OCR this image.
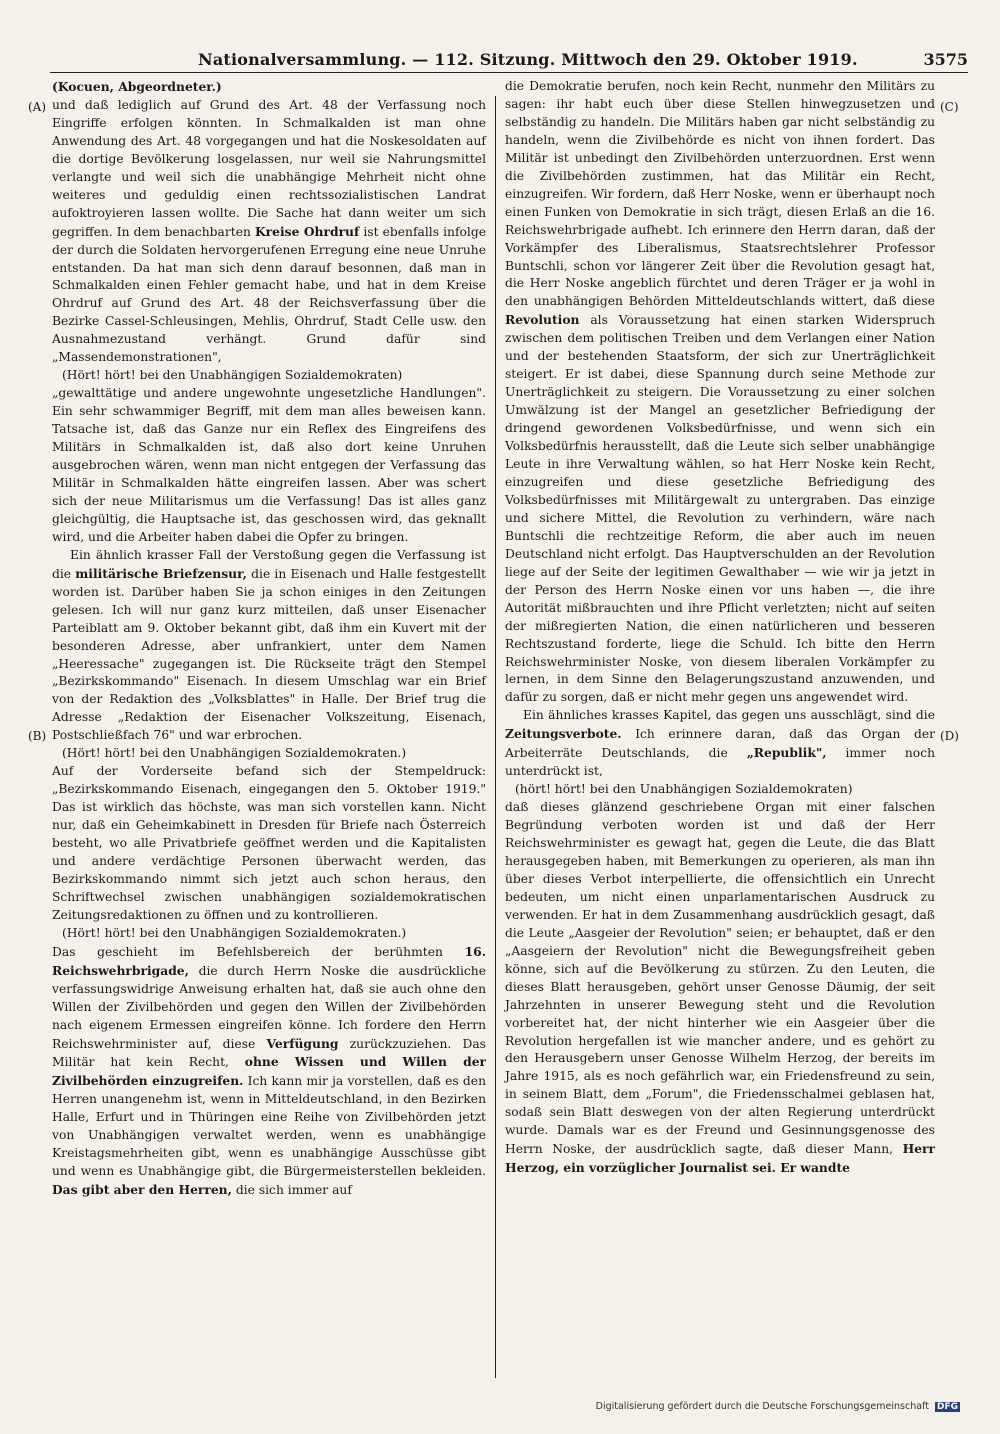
Nationalversammlung. — 112. Sitzung. Mittwoch den 29. Oktober 1919.	3575
(A)
(B)
(C)
(D)

(Kocuen, Abgeordneter.)

und daß lediglich auf Grund des Art. 48 der Verfassung noch Eingriffe erfolgen könnten. In Schmalkalden ist man ohne Anwendung des Art. 48 vorgegangen und hat die Noskesoldaten auf die dortige Bevölkerung losgelassen, nur weil sie Nahrungsmittel verlangte und weil sich die unabhängige Mehrheit nicht ohne weiteres und geduldig einen rechtssozialistischen Landrat aufoktroyieren lassen wollte. Die Sache hat dann weiter um sich gegriffen. In dem benachbarten Kreise Ohrdruf ist ebenfalls infolge der durch die Soldaten hervorgerufenen Erregung eine neue Unruhe entstanden. Da hat man sich denn darauf besonnen, daß man in Schmalkalden einen Fehler gemacht habe, und hat in dem Kreise Ohrdruf auf Grund des Art. 48 der Reichsverfassung über die Bezirke Cassel-Schleusingen, Mehlis, Ohrdruf, Stadt Celle usw. den Ausnahmezustand verhängt. Grund dafür sind „Massendemonstrationen",

(Hört! hört! bei den Unabhängigen Sozialdemokraten)

„gewalttätige und andere ungewohnte ungesetzliche Handlungen". Ein sehr schwammiger Begriff, mit dem man alles beweisen kann. Tatsache ist, daß das Ganze nur ein Reflex des Eingreifens des Militärs in Schmalkalden ist, daß also dort keine Unruhen ausgebrochen wären, wenn man nicht entgegen der Verfassung das Militär in Schmalkalden hätte eingreifen lassen. Aber was schert sich der neue Militarismus um die Verfassung! Das ist alles ganz gleichgültig, die Hauptsache ist, das geschossen wird, das geknallt wird, und die Arbeiter haben dabei die Opfer zu bringen.

Ein ähnlich krasser Fall der Verstoßung gegen die Verfassung ist die militärische Briefzensur, die in Eisenach und Halle festgestellt worden ist. Darüber haben Sie ja schon einiges in den Zeitungen gelesen. Ich will nur ganz kurz mitteilen, daß unser Eisenacher Parteiblatt am 9. Oktober bekannt gibt, daß ihm ein Kuvert mit der besonderen Adresse, aber unfrankiert, unter dem Namen „Heeressache" zugegangen ist. Die Rückseite trägt den Stempel „Bezirkskommando" Eisenach. In diesem Umschlag war ein Brief von der Redaktion des „Volksblattes" in Halle. Der Brief trug die Adresse „Redaktion der Eisenacher Volkszeitung, Eisenach, Postschließfach 76" und war erbrochen.

(Hört! hört! bei den Unabhängigen Sozialdemokraten.)

Auf der Vorderseite befand sich der Stempeldruck: „Bezirkskommando Eisenach, eingegangen den 5. Oktober 1919." Das ist wirklich das höchste, was man sich vorstellen kann. Nicht nur, daß ein Geheimkabinett in Dresden für Briefe nach Österreich besteht, wo alle Privatbriefe geöffnet werden und die Kapitalisten und andere verdächtige Personen überwacht werden, das Bezirkskommando nimmt sich jetzt auch schon heraus, den Schriftwechsel zwischen unabhängigen sozialdemokratischen Zeitungsredaktionen zu öffnen und zu kontrollieren.

(Hört! hört! bei den Unabhängigen Sozialdemokraten.)

Das geschieht im Befehlsbereich der berühmten 16. Reichswehrbrigade, die durch Herrn Noske die ausdrückliche verfassungswidrige Anweisung erhalten hat, daß sie auch ohne den Willen der Zivilbehörden und gegen den Willen der Zivilbehörden nach eigenem Ermessen eingreifen könne. Ich fordere den Herrn Reichswehrminister auf, diese Verfügung zurückzuziehen. Das Militär hat kein Recht, ohne Wissen und Willen der Zivilbehörden einzugreifen. Ich kann mir ja vorstellen, daß es den Herren unangenehm ist, wenn in Mitteldeutschland, in den Bezirken Halle, Erfurt und in Thüringen eine Reihe von Zivilbehörden jetzt von Unabhängigen verwaltet werden, wenn es unabhängige Kreistagsmehrheiten gibt, wenn es unabhängige Ausschüsse gibt und wenn es Unabhängige gibt, die Bürgermeisterstellen bekleiden. Das gibt aber den Herren, die sich immer auf

die Demokratie berufen, noch kein Recht, nunmehr den Militärs zu sagen: ihr habt euch über diese Stellen hinwegzusetzen und selbständig zu handeln. Die Militärs haben gar nicht selbständig zu handeln, wenn die Zivilbehörde es nicht von ihnen fordert. Das Militär ist unbedingt den Zivilbehörden unterzuordnen. Erst wenn die Zivilbehörden zustimmen, hat das Militär ein Recht, einzugreifen. Wir fordern, daß Herr Noske, wenn er überhaupt noch einen Funken von Demokratie in sich trägt, diesen Erlaß an die 16. Reichswehrbrigade aufhebt. Ich erinnere den Herrn daran, daß der Vorkämpfer des Liberalismus, Staatsrechtslehrer Professor Buntschli, schon vor längerer Zeit über die Revolution gesagt hat, die Herr Noske angeblich fürchtet und deren Träger er ja wohl in den unabhängigen Behörden Mitteldeutschlands wittert, daß diese Revolution als Voraussetzung hat einen starken Widerspruch zwischen dem politischen Treiben und dem Verlangen einer Nation und der bestehenden Staatsform, der sich zur Unerträglichkeit steigert. Er ist dabei, diese Spannung durch seine Methode zur Unerträglichkeit zu steigern. Die Voraussetzung zu einer solchen Umwälzung ist der Mangel an gesetzlicher Befriedigung der dringend gewordenen Volksbedürfnisse, und wenn sich ein Volksbedürfnis herausstellt, daß die Leute sich selber unabhängige Leute in ihre Verwaltung wählen, so hat Herr Noske kein Recht, einzugreifen und diese gesetzliche Befriedigung des Volksbedürfnisses mit Militärgewalt zu untergraben. Das einzige und sichere Mittel, die Revolution zu verhindern, wäre nach Buntschli die rechtzeitige Reform, die aber auch im neuen Deutschland nicht erfolgt. Das Hauptverschulden an der Revolution liege auf der Seite der legitimen Gewalthaber — wie wir ja jetzt in der Person des Herrn Noske einen vor uns haben —, die ihre Autorität mißbrauchten und ihre Pflicht verletzten; nicht auf seiten der mißregierten Nation, die einen natürlicheren und besseren Rechtszustand forderte, liege die Schuld. Ich bitte den Herrn Reichswehrminister Noske, von diesem liberalen Vorkämpfer zu lernen, in dem Sinne den Belagerungszustand anzuwenden, und dafür zu sorgen, daß er nicht mehr gegen uns angewendet wird.

Ein ähnliches krasses Kapitel, das gegen uns ausschlägt, sind die Zeitungsverbote. Ich erinnere daran, daß das Organ der Arbeiterräte Deutschlands, die „Republik", immer noch unterdrückt ist,

(hört! hört! bei den Unabhängigen Sozialdemokraten)

daß dieses glänzend geschriebene Organ mit einer falschen Begründung verboten worden ist und daß der Herr Reichswehrminister es gewagt hat, gegen die Leute, die das Blatt herausgegeben haben, mit Bemerkungen zu operieren, als man ihn über dieses Verbot interpellierte, die offensichtlich ein Unrecht bedeuten, um nicht einen unparlamentarischen Ausdruck zu verwenden. Er hat in dem Zusammenhang ausdrücklich gesagt, daß die Leute „Aasgeier der Revolution" seien; er behauptet, daß er den „Aasgeiern der Revolution" nicht die Bewegungsfreiheit geben könne, sich auf die Bevölkerung zu stürzen. Zu den Leuten, die dieses Blatt herausgeben, gehört unser Genosse Däumig, der seit Jahrzehnten in unserer Bewegung steht und die Revolution vorbereitet hat, der nicht hinterher wie ein Aasgeier über die Revolution hergefallen ist wie mancher andere, und es gehört zu den Herausgebern unser Genosse Wilhelm Herzog, der bereits im Jahre 1915, als es noch gefährlich war, ein Friedensfreund zu sein, in seinem Blatt, dem „Forum", die Friedensschalmei geblasen hat, sodaß sein Blatt deswegen von der alten Regierung unterdrückt wurde. Damals war es der Freund und Gesinnungsgenosse des Herrn Noske, der ausdrücklich sagte, daß dieser Mann, Herr Herzog, ein vorzüglicher Journalist sei. Er wandte

Digitalisierung gefördert durch die Deutsche Forschungsgemeinschaft DFG
